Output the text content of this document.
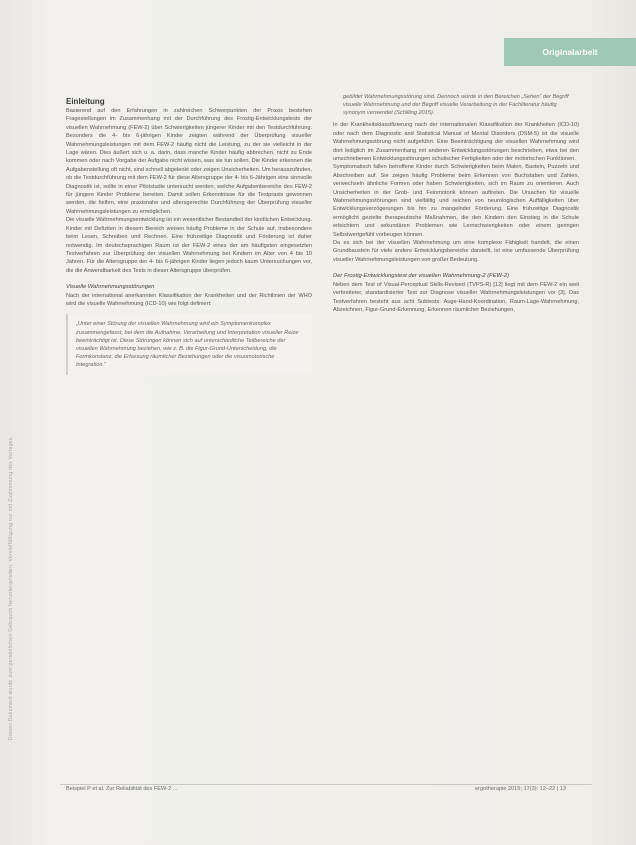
Originalarbeit
Dieses Dokument wurde zum persönlichen Gebrauch heruntergeladen. Vervielfältigung nur mit Zustimmung des Verlages.
Einleitung

Basierend auf den Erfahrungen in zahlreichen Schwerpunkten der Praxis bestehen Fragestellungen im Zusammenhang mit der Durchführung des Frostig-Entwicklungstests der visuellen Wahrnehmung (FEW-2) über Schwierigkeiten jüngerer Kinder mit den Testdurchführung. Besonders die 4- bis 6-jährigen Kinder zeigten während der Überprüfung visueller Wahrnehmungsleistungen mit dem FEW-2 häufig nicht die Leistung, zu der sie vielleicht in der Lage wären. Dies äußert sich u. a. darin, dass manche Kinder häufig abbrechen, nicht zu Ende kommen oder nach Vorgabe der Aufgabe nicht wissen, was sie tun sollen. Die Kinder erkennen die Aufgabenstellung oft nicht, sind schnell abgelenkt oder zeigen Unsicherheiten. Um herauszufinden, ob die Testdurchführung mit dem FEW-2 für diese Altersgruppe der 4- bis 6-Jährigen eine sinnvolle Diagnostik ist, sollte in einer Pilotstudie untersucht werden, welche Aufgabenbereiche des FEW-2 für jüngere Kinder Probleme bereiten. Damit sollen Erkenntnisse für die Testpraxis gewonnen werden, die helfen, eine praxisnahe und altersgerechte Durchführung der Überprüfung visueller Wahrnehmungsleistungen zu ermöglichen.

Die visuelle Wahrnehmungsentwicklung ist ein wesentlicher Bestandteil der kindlichen Entwicklung. Kinder mit Defiziten in diesem Bereich weisen häufig Probleme in der Schule auf, insbesondere beim Lesen, Schreiben und Rechnen. Eine frühzeitige Diagnostik und Förderung ist daher notwendig. Im deutschsprachigen Raum ist der FEW-2 eines der am häufigsten eingesetzten Testverfahren zur Überprüfung der visuellen Wahrnehmung bei Kindern im Alter von 4 bis 10 Jahren. Für die Altersgruppe der 4- bis 6-jährigen Kinder liegen jedoch kaum Untersuchungen vor, die die Anwendbarkeit des Tests in dieser Altersgruppe überprüfen.

Visuelle Wahrnehmungsstörungen

Nach der international anerkannten Klassifikation der Krankheiten und der Richtlinien der WHO wird die visuelle Wahrnehmung (ICD-10) wie folgt definiert:

„Unter einer Störung der visuellen Wahrnehmung wird ein Symptomenkomplex zusammengefasst, bei dem die Aufnahme, Verarbeitung und Interpretation visueller Reize beeinträchtigt ist. Diese Störungen können sich auf unterschiedliche Teilbereiche der visuellen Wahrnehmung beziehen, wie z. B. die Figur-Grund-Unterscheidung, die Formkonstanz, die Erfassung räumlicher Beziehungen oder die visuomotorische Integration.“
gebildet Wahrnehmungsstörung sind. Dennoch würde in den Bereichen „Sehen“ der Begriff visuelle Wahrnehmung und der Begriff visuelle Verarbeitung in der Fachliteratur häufig synonym verwendet (Schilling 2015).

In der Krankheitsklassifizierung nach der internationalen Klassifikation der Krankheiten (ICD-10) oder nach dem Diagnostic and Statistical Manual of Mental Disorders (DSM-5) ist die visuelle Wahrnehmungsstörung nicht aufgeführt. Eine Beeinträchtigung der visuellen Wahrnehmung wird dort lediglich im Zusammenhang mit anderen Entwicklungsstörungen beschrieben, etwa bei den umschriebenen Entwicklungsstörungen schulischer Fertigkeiten oder der motorischen Funktionen.

Symptomatisch fallen betroffene Kinder durch Schwierigkeiten beim Malen, Basteln, Puzzeln und Abschreiben auf. Sie zeigen häufig Probleme beim Erkennen von Buchstaben und Zahlen, verwechseln ähnliche Formen oder haben Schwierigkeiten, sich im Raum zu orientieren. Auch Unsicherheiten in der Grob- und Feinmotorik können auftreten. Die Ursachen für visuelle Wahrnehmungsstörungen sind vielfältig und reichen von neurologischen Auffälligkeiten über Entwicklungsverzögerungen bis hin zu mangelnder Förderung. Eine frühzeitige Diagnostik ermöglicht gezielte therapeutische Maßnahmen, die den Kindern den Einstieg in die Schule erleichtern und sekundären Problemen wie Lernschwierigkeiten oder einem geringen Selbstwertgefühl vorbeugen können.

Da es sich bei der visuellen Wahrnehmung um eine komplexe Fähigkeit handelt, die einen Grundbaustein für viele andere Entwicklungsbereiche darstellt, ist eine umfassende Überprüfung visueller Wahrnehmungsleistungen von großer Bedeutung.

Der Frostig-Entwicklungstest der visuellen Wahrnehmung-2 (FEW-2)

Neben dem Test of Visual-Perceptual Skills-Revised (TVPS-R) [12] liegt mit dem FEW-2 ein weit verbreiteter, standardisierter Test zur Diagnose visueller Wahrnehmungsleistungen vor [3]. Das Testverfahren besteht aus acht Subtests: Auge-Hand-Koordination, Raum-Lage-Wahrnehmung, Abzeichnen, Figur-Grund-Erkennung, Erkennen räumlicher Beziehungen,

Beispiel P et al. Zur Reliabilität des FEW-2 ...	ergotherapie 2015; 17(3): 12–22 | 13
